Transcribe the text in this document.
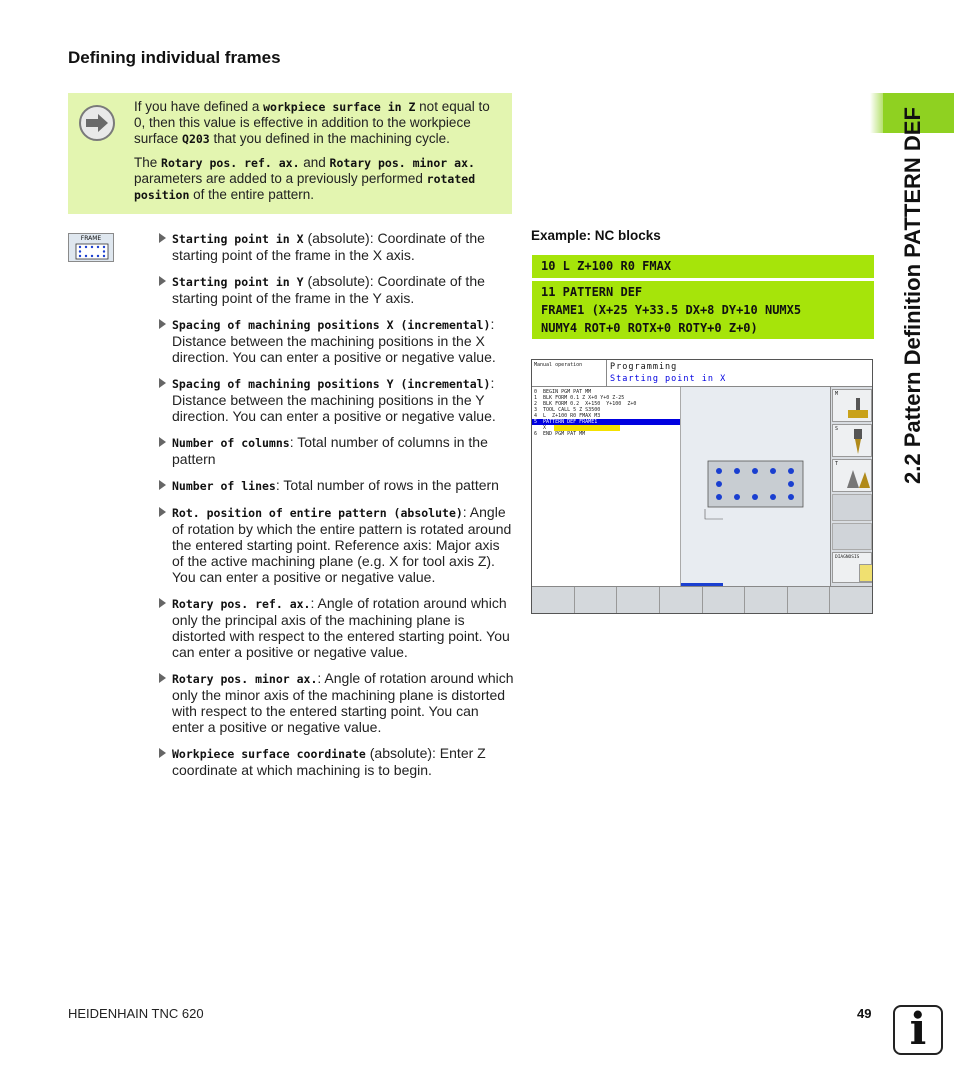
Defining individual frames

If you have defined a workpiece surface in Z not equal to 0, then this value is effective in addition to the workpiece surface Q203 that you defined in the machining cycle.

The Rotary pos. ref. ax. and Rotary pos. minor ax. parameters are added to a previously performed rotated position of the entire pattern.

FRAME	Starting point in X (absolute): Coordinate of the starting point of the frame in the X axis.
Starting point in Y (absolute): Coordinate of the starting point of the frame in the Y axis.
Spacing of machining positions X (incremental): Distance between the machining positions in the X direction. You can enter a positive or negative value.
Spacing of machining positions Y (incremental): Distance between the machining positions in the Y direction. You can enter a positive or negative value.
Number of columns: Total number of columns in the pattern
Number of lines: Total number of rows in the pattern
Rot. position of entire pattern (absolute): Angle of rotation by which the entire pattern is rotated around the entered starting point. Reference axis: Major axis of the active machining plane (e.g. X for tool axis Z). You can enter a positive or negative value.
Rotary pos. ref. ax.: Angle of rotation around which only the principal axis of the machining plane is distorted with respect to the entered starting point. You can enter a positive or negative value.
Rotary pos. minor ax.: Angle of rotation around which only the minor axis of the machining plane is distorted with respect to the entered starting point. You can enter a positive or negative value.
Workpiece surface coordinate (absolute): Enter Z coordinate at which machining is to begin.
Example: NC blocks
10 L Z+100 R0 FMAX
11 PATTERN DEF
FRAME1 (X+25 Y+33.5 DX+8 DY+10 NUMX5
NUMY4 ROT+0 ROTX+0 ROTY+0 Z+0)
Manual operation	Programming
Starting point in X
0  BEGIN PGM PAT MM
1  BLK FORM 0.1 Z X+0 Y+0 Z-25
2  BLK FORM 0.2  X+150  Y+100  Z+0
3  TOOL CALL 5 Z S3500
4  L  Z+100 R0 FMAX M3
5  PATTERN DEF FRAME1
X
6  END PGM PAT MM
M
S
T
DIAGNOSIS
2.2 Pattern Definition PATTERN DEF
HEIDENHAIN TNC 620	49 i
